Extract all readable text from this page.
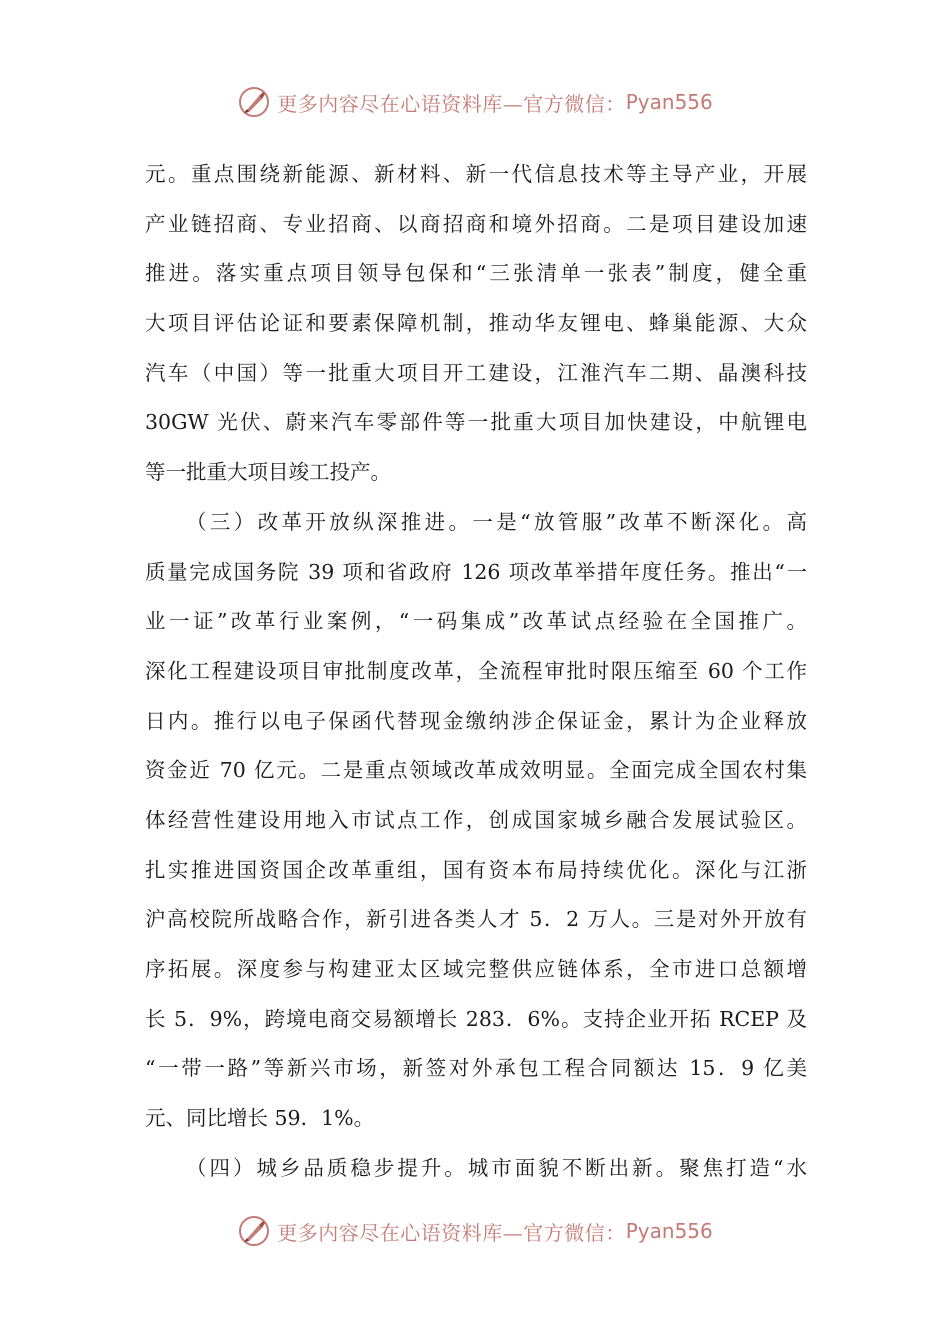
更多内容尽在心语资料库—官方微信： Pyan556
元。重点围绕新能源、新材料、新一代信息技术等主导产业，开展
产业链招商、专业招商、以商招商和境外招商。二是项目建设加速
推进。落实重点项目领导包保和“三张清单一张表”制度，健全重
大项目评估论证和要素保障机制，推动华友锂电、蜂巢能源、大众
汽车（中国）等一批重大项目开工建设，江淮汽车二期、晶澳科技
30GW 光伏、蔚来汽车零部件等一批重大项目加快建设，中航锂电
等一批重大项目竣工投产。
（三）改革开放纵深推进。一是“放管服”改革不断深化。高
质量完成国务院 39 项和省政府 126 项改革举措年度任务。推出“一
业一证”改革行业案例，“一码集成”改革试点经验在全国推广。
深化工程建设项目审批制度改革，全流程审批时限压缩至 60 个工作
日内。推行以电子保函代替现金缴纳涉企保证金，累计为企业释放
资金近 70 亿元。二是重点领域改革成效明显。全面完成全国农村集
体经营性建设用地入市试点工作，创成国家城乡融合发展试验区。
扎实推进国资国企改革重组，国有资本布局持续优化。深化与江浙
沪高校院所战略合作，新引进各类人才 5．2 万人。三是对外开放有
序拓展。深度参与构建亚太区域完整供应链体系，全市进口总额增
长 5．9%，跨境电商交易额增长 283．6%。支持企业开拓 RCEP 及
“一带一路”等新兴市场，新签对外承包工程合同额达 15．9 亿美
元、同比增长 59．1%。
（四）城乡品质稳步提升。城市面貌不断出新。聚焦打造“水
更多内容尽在心语资料库—官方微信： Pyan556
